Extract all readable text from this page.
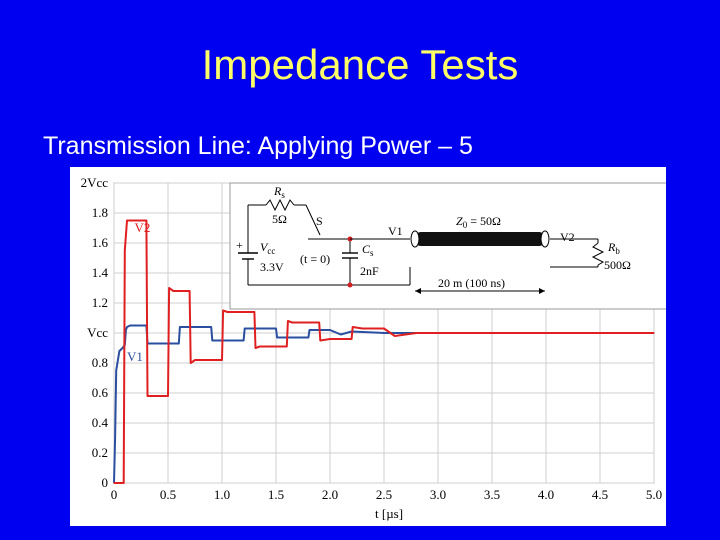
Impedance Tests
Transmission Line: Applying Power – 5
0	0.5	1.0	1.5	2.0	2.5	3.0	3.5	4.0	4.5	5.0
0
0.2
0.4
0.6
0.8
Vcc
1.2
1.4
1.6
1.8
2Vcc
V2
V1
$R_s$
5Ω S
$V_{cc}$
3.3V
+
(t = 0)
$C_s$
2nF
V1
$Z_0 = 50\Omega$
V2
$R_b$
500Ω
20 m (100 ns)
t [µs]
